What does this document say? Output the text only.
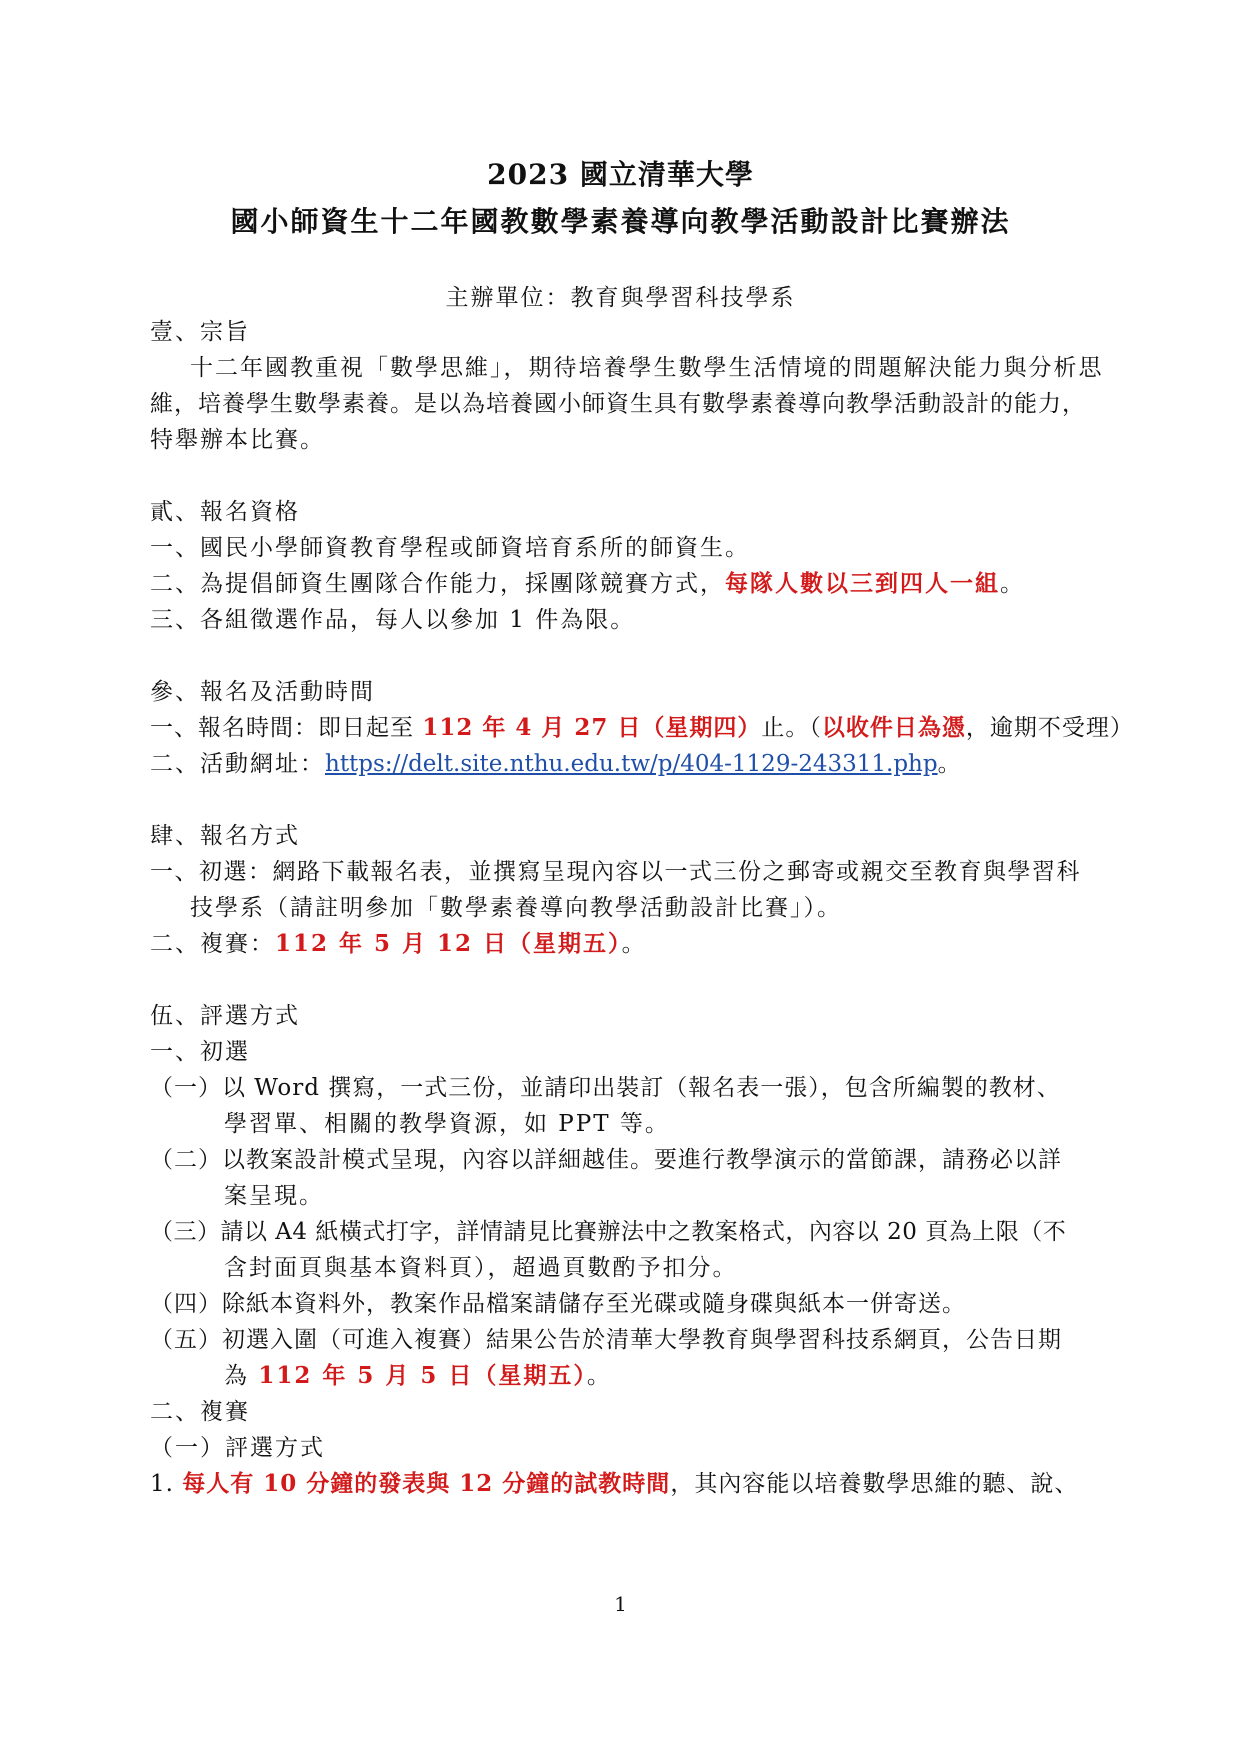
2023 國立清華大學
國小師資生十二年國教數學素養導向教學活動設計比賽辦法
主辦單位：教育與學習科技學系
壹、宗旨
十二年國教重視「數學思維」，期待培養學生數學生活情境的問題解決能力與分析思
維，培養學生數學素養。是以為培養國小師資生具有數學素養導向教學活動設計的能力，
特舉辦本比賽。
貳、報名資格
一、國民小學師資教育學程或師資培育系所的師資生。
二、為提倡師資生團隊合作能力，採團隊競賽方式，每隊人數以三到四人一組。
三、各組徵選作品，每人以參加 1 件為限。
參、報名及活動時間
一、報名時間：即日起至 112 年 4 月 27 日（星期四）止。（以收件日為憑，逾期不受理）
二、活動網址：https://delt.site.nthu.edu.tw/p/404-1129-243311.php。
肆、報名方式
一、初選：網路下載報名表，並撰寫呈現內容以一式三份之郵寄或親交至教育與學習科
技學系（請註明參加「數學素養導向教學活動設計比賽」）。
二、複賽：112 年 5 月 12 日（星期五）。
伍、評選方式
一、初選
（一）以 Word 撰寫，一式三份，並請印出裝訂（報名表一張），包含所編製的教材、
學習單、相關的教學資源，如 PPT 等。
（二）以教案設計模式呈現，內容以詳細越佳。要進行教學演示的當節課，請務必以詳
案呈現。
（三）請以 A4 紙橫式打字，詳情請見比賽辦法中之教案格式，內容以 20 頁為上限（不
含封面頁與基本資料頁），超過頁數酌予扣分。
（四）除紙本資料外，教案作品檔案請儲存至光碟或隨身碟與紙本一併寄送。
（五）初選入圍（可進入複賽）結果公告於清華大學教育與學習科技系網頁，公告日期
為 112 年 5 月 5 日（星期五）。
二、複賽
（一）評選方式
1. 每人有 10 分鐘的發表與 12 分鐘的試教時間，其內容能以培養數學思維的聽、說、
1
